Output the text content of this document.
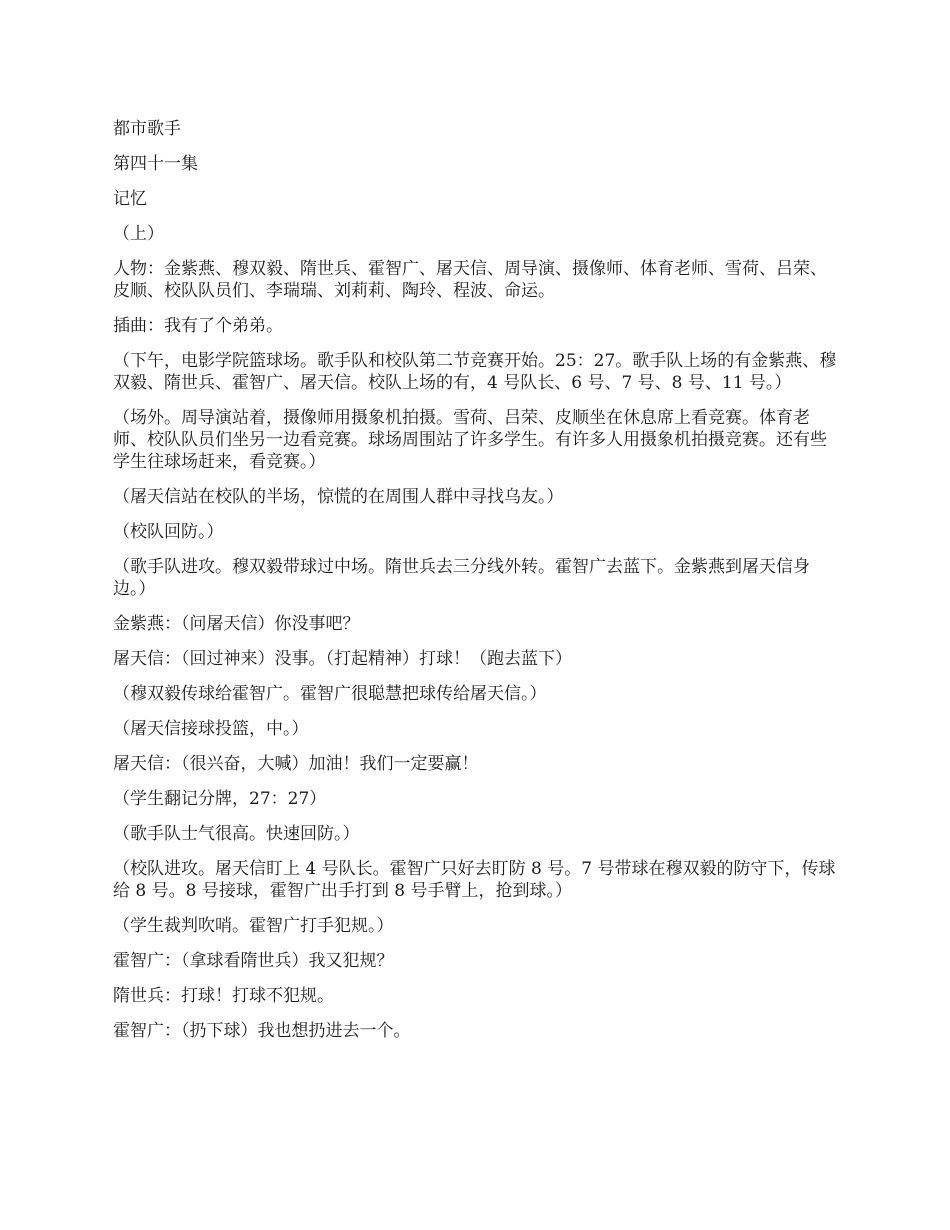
都市歌手

第四十一集

记忆

（上）

人物：金紫燕、穆双毅、隋世兵、霍智广、屠天信、周导演、摄像师、体育老师、雪荷、吕荣、皮顺、校队队员们、李瑞瑞、刘莉莉、陶玲、程波、命运。

插曲：我有了个弟弟。

（下午，电影学院篮球场。歌手队和校队第二节竞赛开始。25：27。歌手队上场的有金紫燕、穆双毅、隋世兵、霍智广、屠天信。校队上场的有，4 号队长、6 号、7 号、8 号、11 号。）

（场外。周导演站着，摄像师用摄象机拍摄。雪荷、吕荣、皮顺坐在休息席上看竞赛。体育老师、校队队员们坐另一边看竞赛。球场周围站了许多学生。有许多人用摄象机拍摄竞赛。还有些学生往球场赶来，看竞赛。）

（屠天信站在校队的半场，惊慌的在周围人群中寻找乌友。）

（校队回防。）

（歌手队进攻。穆双毅带球过中场。隋世兵去三分线外转。霍智广去蓝下。金紫燕到屠天信身边。）

金紫燕：（问屠天信）你没事吧？

屠天信：（回过神来）没事。（打起精神）打球！（跑去蓝下）

（穆双毅传球给霍智广。霍智广很聪慧把球传给屠天信。）

（屠天信接球投篮，中。）

屠天信：（很兴奋，大喊）加油！我们一定要赢！

（学生翻记分牌，27：27）

（歌手队士气很高。快速回防。）

（校队进攻。屠天信盯上 4 号队长。霍智广只好去盯防 8 号。7 号带球在穆双毅的防守下，传球给 8 号。8 号接球，霍智广出手打到 8 号手臂上，抢到球。）

（学生裁判吹哨。霍智广打手犯规。）

霍智广：（拿球看隋世兵）我又犯规？

隋世兵：打球！打球不犯规。

霍智广：（扔下球）我也想扔进去一个。
